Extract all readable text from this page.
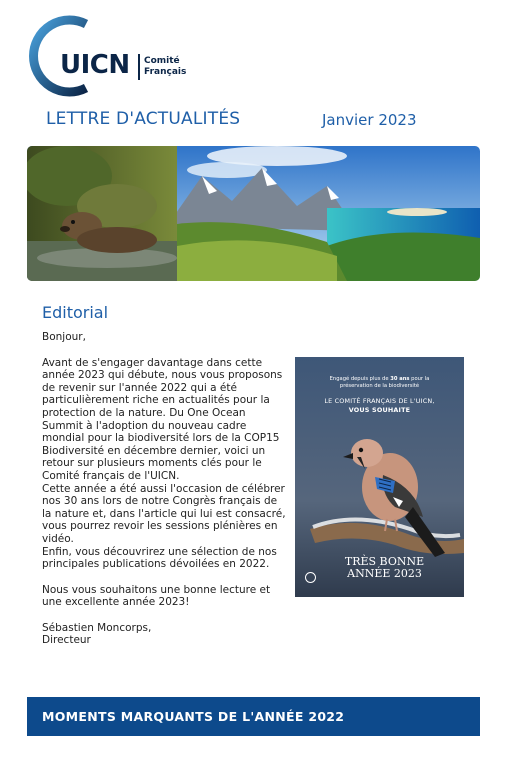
UICN Comité
Français
LETTRE D'ACTUALITÉS	Janvier 2023
Editorial

Bonjour,

Avant de s'engager davantage dans cette année 2023 qui débute, nous vous proposons de revenir sur l'année 2022 qui a été particulièrement riche en actualités pour la protection de la nature. Du One Ocean Summit à l'adoption du nouveau cadre mondial pour la biodiversité lors de la COP15 Biodiversité en décembre dernier, voici un retour sur plusieurs moments clés pour le Comité français de l'UICN.

Cette année a été aussi l'occasion de célébrer nos 30 ans lors de notre Congrès français de la nature et, dans l'article qui lui est consacré, vous pourrez revoir les sessions plénières en vidéo.

Enfin, vous découvrirez une sélection de nos principales publications dévoilées en 2022.

Nous vous souhaitons une bonne lecture et une excellente année 2023!

Sébastien Moncorps,

Directeur

Engagé depuis plus de 30 ans pour la préservation de la biodiversité
LE COMITÉ FRANÇAIS DE L'UICN,
VOUS SOUHAITE
TRÈS BONNE
ANNÉE 2023
MOMENTS MARQUANTS DE L'ANNÉE 2022
